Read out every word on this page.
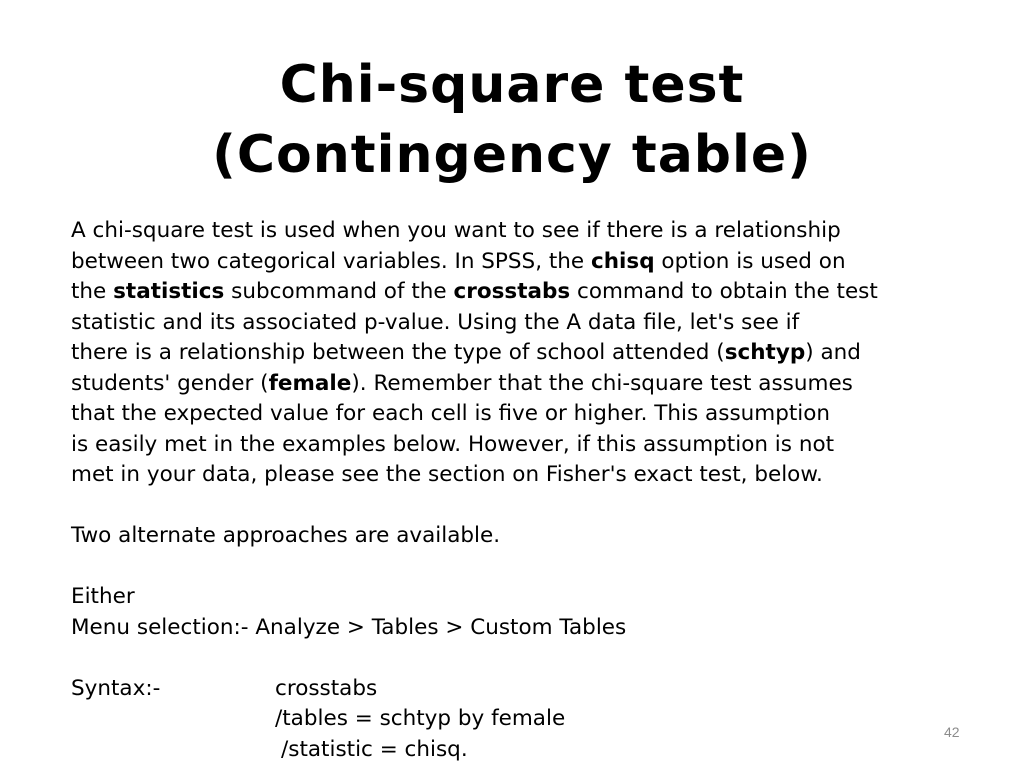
Chi-square test
(Contingency table)
A chi-square test is used when you want to see if there is a relationship
between two categorical variables. In SPSS, the chisq option is used on
the statistics subcommand of the crosstabs command to obtain the test
statistic and its associated p-value. Using the A data file, let's see if
there is a relationship between the type of school attended (schtyp) and
students' gender (female). Remember that the chi-square test assumes
that the expected value for each cell is five or higher. This assumption
is easily met in the examples below. However, if this assumption is not
met in your data, please see the section on Fisher's exact test, below.
Two alternate approaches are available.
Either
Menu selection:- Analyze > Tables > Custom Tables
Syntax:-	crosstabs
/tables = schtyp by female
/statistic = chisq.
42
